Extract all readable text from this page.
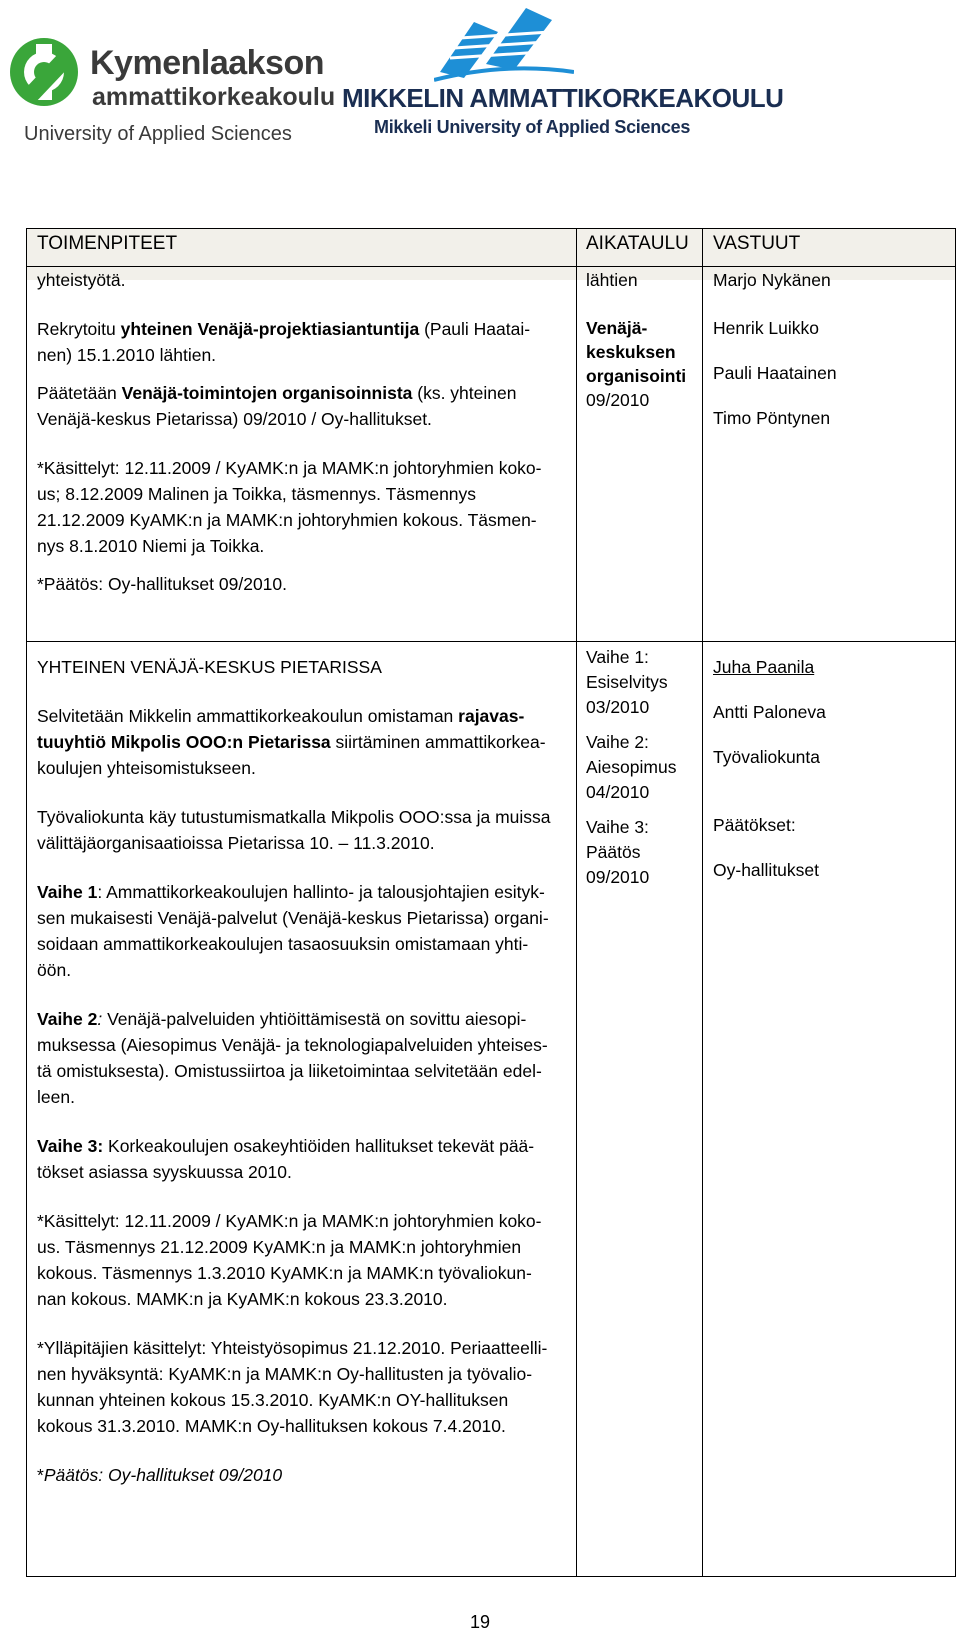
Kymenlaakson
ammattikorkeakoulu
University of Applied Sciences
MIKKELIN AMMATTIKORKEAKOULU
Mikkeli University of Applied Sciences
TOIMENPITEET	AIKATAULU VASTUUT

yhteistyötä.

Rekrytoitu yhteinen Venäjä-projektiasiantuntija (Pauli Haatai-
nen) 15.1.2010 lähtien.

Päätetään Venäjä-toimintojen organisoinnista (ks. yhteinen
Venäjä-keskus Pietarissa) 09/2010 / Oy-hallitukset.

*Käsittelyt: 12.11.2009 / KyAMK:n ja MAMK:n johtoryhmien koko-
us; 8.12.2009 Malinen ja Toikka, täsmennys. Täsmennys
21.12.2009 KyAMK:n ja MAMK:n johtoryhmien kokous. Täsmen-
nys 8.1.2010 Niemi ja Toikka.

*Päätös: Oy-hallitukset 09/2010.

lähtien

Venäjä-
keskuksen
organisointi
09/2010

Marjo Nykänen

Henrik Luikko
Pauli Haatainen
Timo Pöntynen

YHTEINEN VENÄJÄ-KESKUS PIETARISSA

Selvitetään Mikkelin ammattikorkeakoulun omistaman rajavas-
tuuyhtiö Mikpolis OOO:n Pietarissa siirtäminen ammattikorkea-
koulujen yhteisomistukseen.

Työvaliokunta käy tutustumismatkalla Mikpolis OOO:ssa ja muissa
välittäjäorganisaatioissa Pietarissa 10. – 11.3.2010.

Vaihe 1: Ammattikorkeakoulujen hallinto- ja talousjohtajien esityk-
sen mukaisesti Venäjä-palvelut (Venäjä-keskus Pietarissa) organi-
soidaan ammattikorkeakoulujen tasaosuuksin omistamaan yhti-
öön.

Vaihe 2: Venäjä-palveluiden yhtiöittämisestä on sovittu aiesopi-
muksessa (Aiesopimus Venäjä- ja teknologiapalveluiden yhteises-
tä omistuksesta). Omistussiirtoa ja liiketoimintaa selvitetään edel-
leen.

Vaihe 3: Korkeakoulujen osakeyhtiöiden hallitukset tekevät pää-
tökset asiassa syyskuussa 2010.

*Käsittelyt: 12.11.2009 / KyAMK:n ja MAMK:n johtoryhmien koko-
us. Täsmennys 21.12.2009 KyAMK:n ja MAMK:n johtoryhmien
kokous. Täsmennys 1.3.2010 KyAMK:n ja MAMK:n työvaliokun-
nan kokous. MAMK:n ja KyAMK:n kokous 23.3.2010.

*Ylläpitäjien käsittelyt: Yhteistyösopimus 21.12.2010. Periaatteelli-
nen hyväksyntä: KyAMK:n ja MAMK:n Oy-hallitusten ja työvalio-
kunnan yhteinen kokous 15.3.2010. KyAMK:n OY-hallituksen
kokous 31.3.2010. MAMK:n Oy-hallituksen kokous 7.4.2010.

*Päätös: Oy-hallitukset 09/2010

Vaihe 1:
Esiselvitys
03/2010

Vaihe 2:
Aiesopimus
04/2010

Vaihe 3:
Päätös
09/2010

Juha Paanila
Antti Paloneva
Työvaliokunta

Päätökset:

Oy-hallitukset

19
